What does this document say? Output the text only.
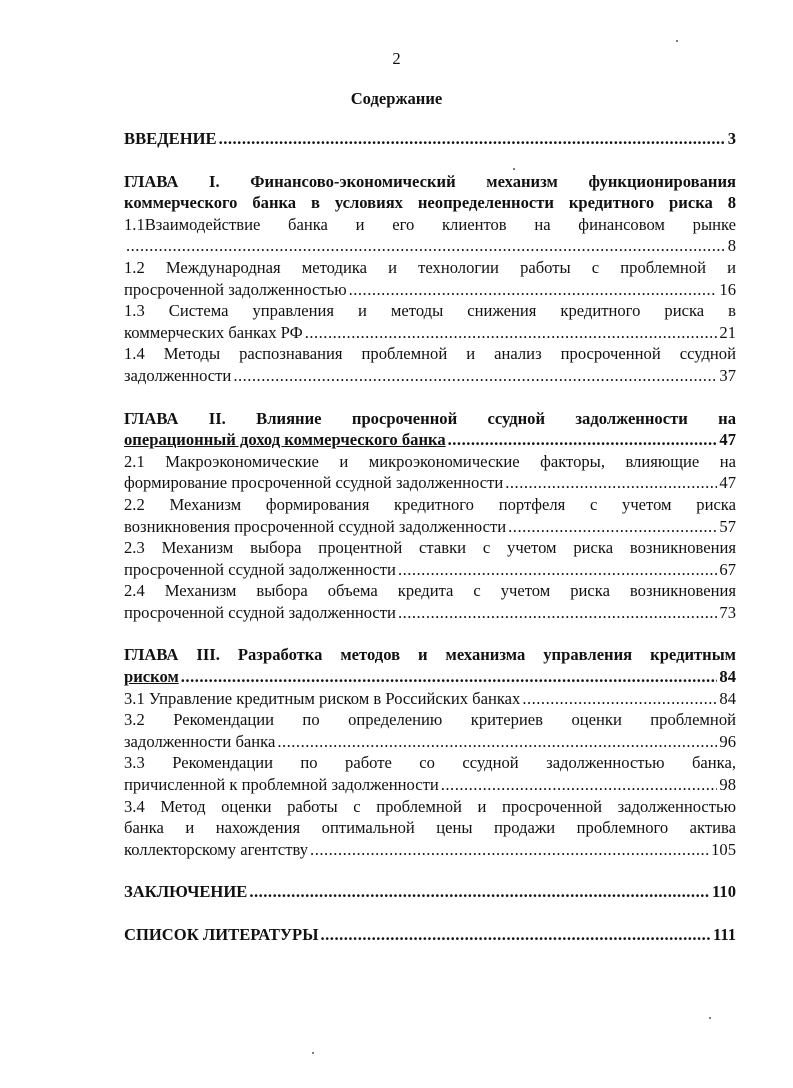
2
Содержание
ВВЕДЕНИЕ .....	3
ГЛАВА I. Финансово-экономический механизм функционирования
коммерческого банка в условиях неопределенности кредитного риска 8
1.1Взаимодействие банка и его клиентов на финансовом рынке
.....
8
1.2 Международная методика и технологии работы с проблемной и
просроченной задолженностью .....	16
1.3 Система управления и методы снижения кредитного риска в
коммерческих банках РФ .....	21
1.4 Методы распознавания проблемной и анализ просроченной ссудной
задолженности .....	37
ГЛАВА II. Влияние просроченной ссудной задолженности на
операционный доход коммерческого банка .....	47
2.1 Макроэкономические и микроэкономические факторы, влияющие на
формирование просроченной ссудной задолженности .....	47
2.2 Механизм формирования кредитного портфеля с учетом риска
возникновения просроченной ссудной задолженности .....	57
2.3 Механизм выбора процентной ставки с учетом риска возникновения
просроченной ссудной задолженности .....	67
2.4 Механизм выбора объема кредита с учетом риска возникновения
просроченной ссудной задолженности .....	73
ГЛАВА III. Разработка методов и механизма управления кредитным
риском .....	84
3.1 Управление кредитным риском в Российских банках .....	84
3.2 Рекомендации по определению критериев оценки проблемной
задолженности банка .....	96
3.3 Рекомендации по работе со ссудной задолженностью банка,
причисленной к проблемной задолженности .....	98
3.4 Метод оценки работы с проблемной и просроченной задолженностью
банка и нахождения оптимальной цены продажи проблемного актива
коллекторскому агентству .....	105
ЗАКЛЮЧЕНИЕ .....	110
СПИСОК ЛИТЕРАТУРЫ .....	111
